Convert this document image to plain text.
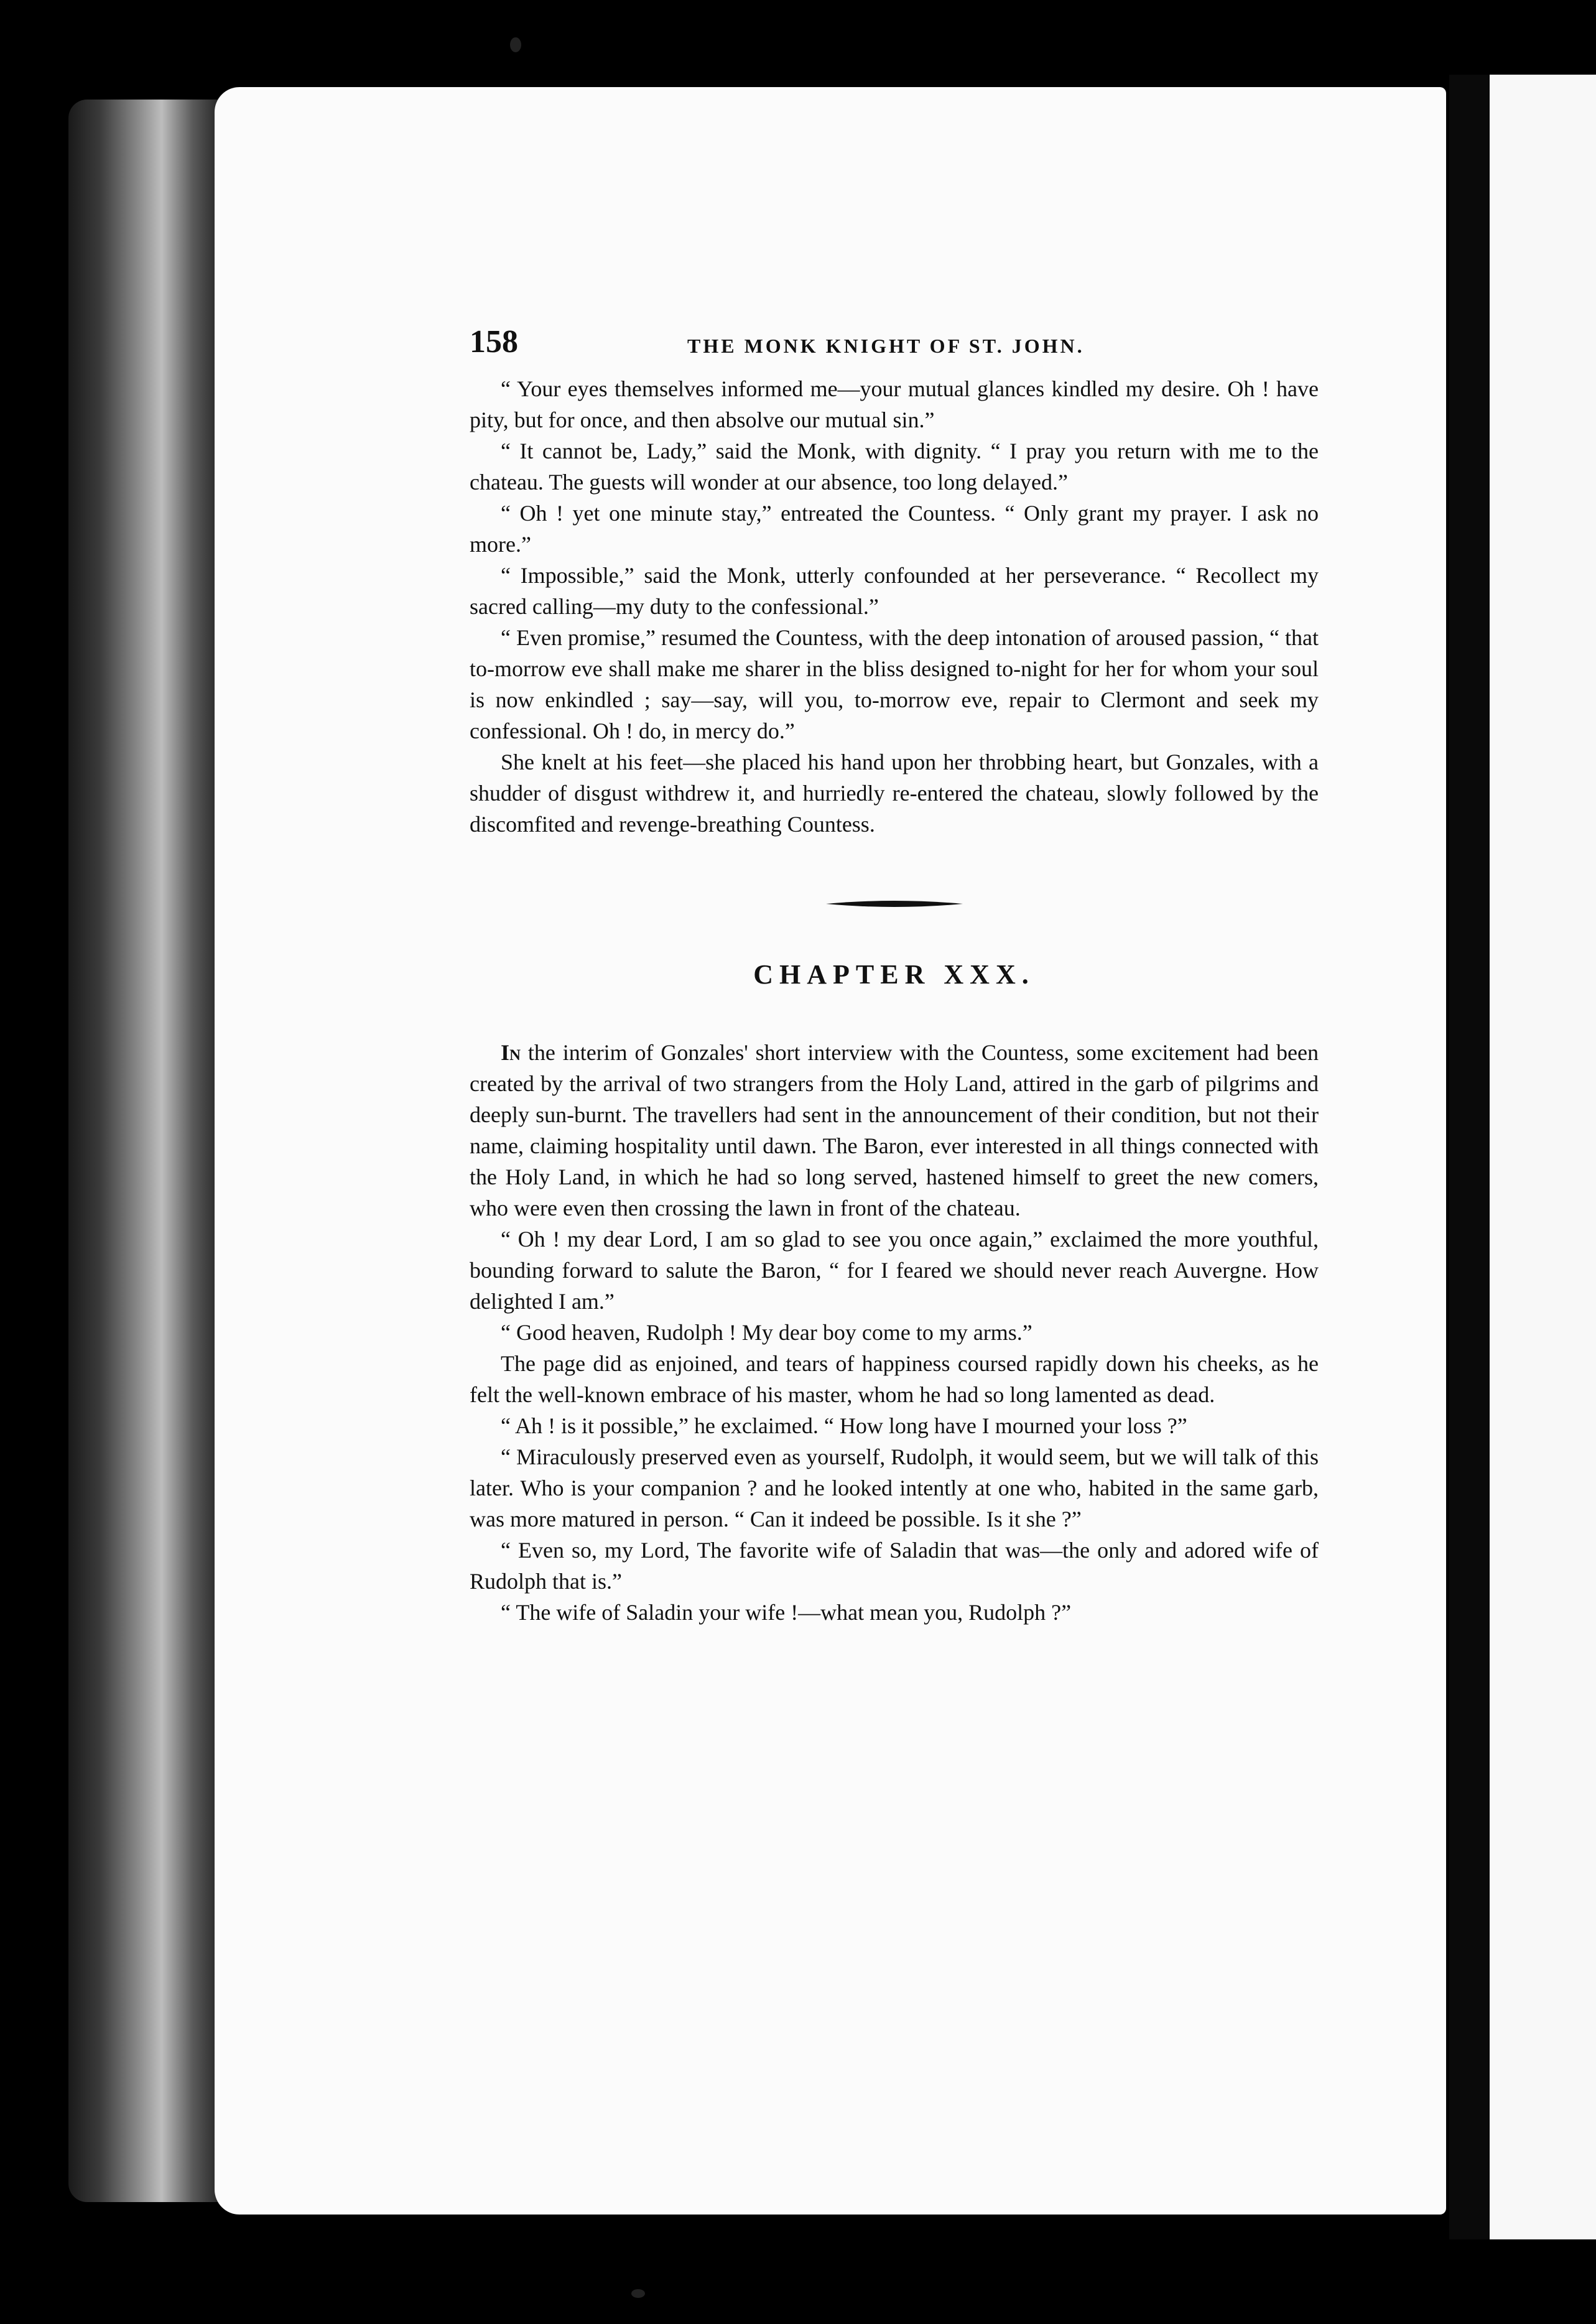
158	THE MONK KNIGHT OF ST. JOHN.

“ Your eyes themselves informed me—your mutual glances kindled my desire. Oh ! have pity, but for once, and then absolve our mutual sin.”

“ It cannot be, Lady,” said the Monk, with dignity. “ I pray you return with me to the chateau. The guests will wonder at our absence, too long delayed.”

“ Oh ! yet one minute stay,” entreated the Countess. “ Only grant my prayer. I ask no more.”

“ Impossible,” said the Monk, utterly confounded at her perseverance. “ Recollect my sacred calling—my duty to the confessional.”

“ Even promise,” resumed the Countess, with the deep intonation of aroused passion, “ that to-morrow eve shall make me sharer in the bliss designed to-night for her for whom your soul is now enkindled ; say—say, will you, to-morrow eve, repair to Clermont and seek my confessional. Oh ! do, in mercy do.”

She knelt at his feet—she placed his hand upon her throbbing heart, but Gonzales, with a shudder of disgust withdrew it, and hurriedly re-entered the chateau, slowly followed by the discomfited and revenge-breathing Countess.

CHAPTER XXX.

In the interim of Gonzales' short interview with the Countess, some excitement had been created by the arrival of two strangers from the Holy Land, attired in the garb of pilgrims and deeply sun-burnt. The travellers had sent in the announcement of their condition, but not their name, claiming hospitality until dawn. The Baron, ever interested in all things connected with the Holy Land, in which he had so long served, hastened himself to greet the new comers, who were even then crossing the lawn in front of the chateau.

“ Oh ! my dear Lord, I am so glad to see you once again,” exclaimed the more youthful, bounding forward to salute the Baron, “ for I feared we should never reach Auvergne. How delighted I am.”

“ Good heaven, Rudolph ! My dear boy come to my arms.”

The page did as enjoined, and tears of happiness coursed rapidly down his cheeks, as he felt the well-known embrace of his master, whom he had so long lamented as dead.

“ Ah ! is it possible,” he exclaimed. “ How long have I mourned your loss ?”

“ Miraculously preserved even as yourself, Rudolph, it would seem, but we will talk of this later. Who is your companion ? and he looked intently at one who, habited in the same garb, was more matured in person. “ Can it indeed be possible. Is it she ?”

“ Even so, my Lord, The favorite wife of Saladin that was—the only and adored wife of Rudolph that is.”

“ The wife of Saladin your wife !—what mean you, Rudolph ?”
